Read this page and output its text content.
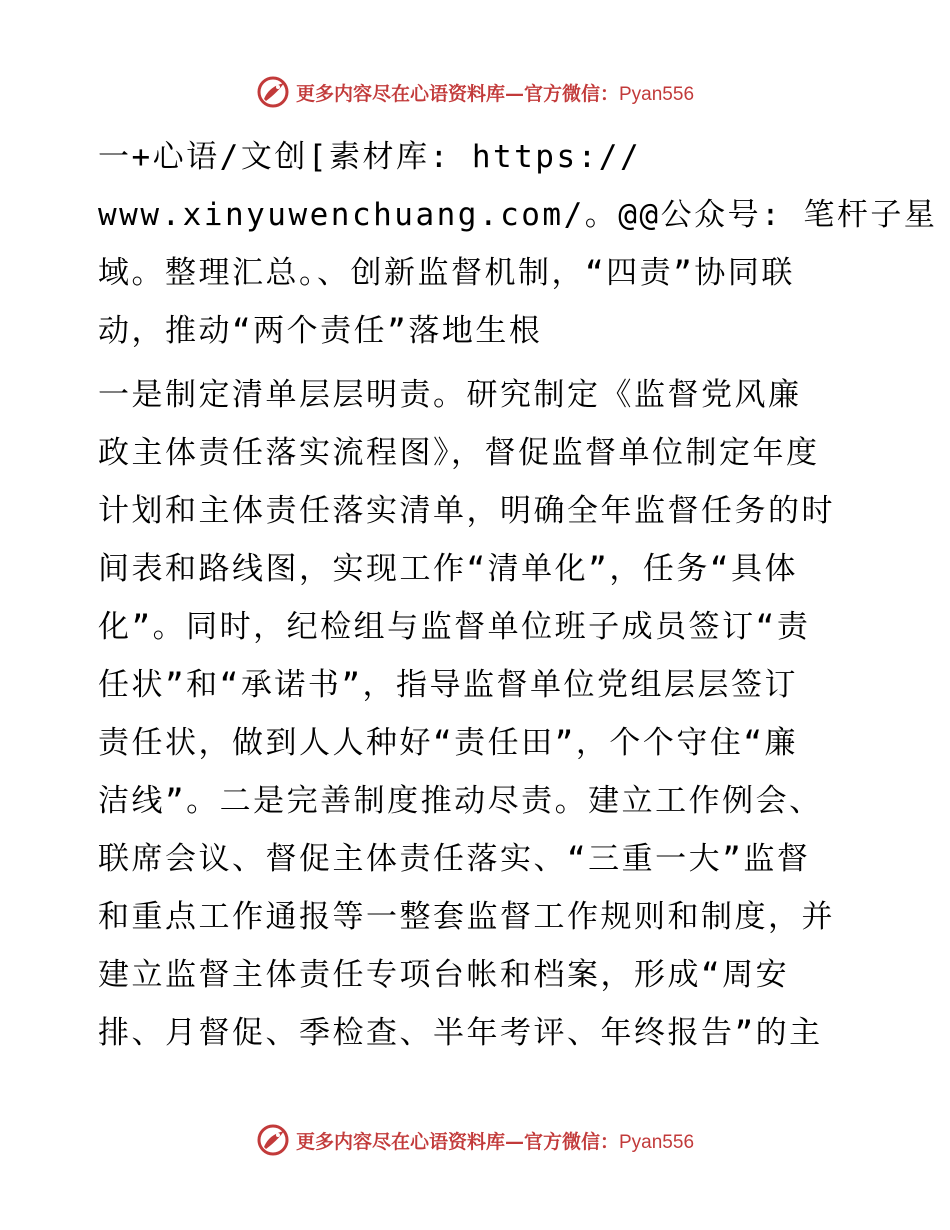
更多内容尽在心语资料库—官方微信：Pyan556

一+心语/文创[素材库: https://
www.xinyuwenchuang.com/。@@公众号: 笔杆子星
域。整理汇总。、创新监督机制，“四责”协同联
动，推动“两个责任”落地生根

一是制定清单层层明责。研究制定《监督党风廉
政主体责任落实流程图》，督促监督单位制定年度
计划和主体责任落实清单，明确全年监督任务的时
间表和路线图，实现工作“清单化”，任务“具体
化”。同时，纪检组与监督单位班子成员签订“责
任状”和“承诺书”，指导监督单位党组层层签订
责任状，做到人人种好“责任田”，个个守住“廉
洁线”。二是完善制度推动尽责。建立工作例会、
联席会议、督促主体责任落实、“三重一大”监督
和重点工作通报等一整套监督工作规则和制度，并
建立监督主体责任专项台帐和档案，形成“周安
排、月督促、季检查、半年考评、年终报告”的主

更多内容尽在心语资料库—官方微信：Pyan556
